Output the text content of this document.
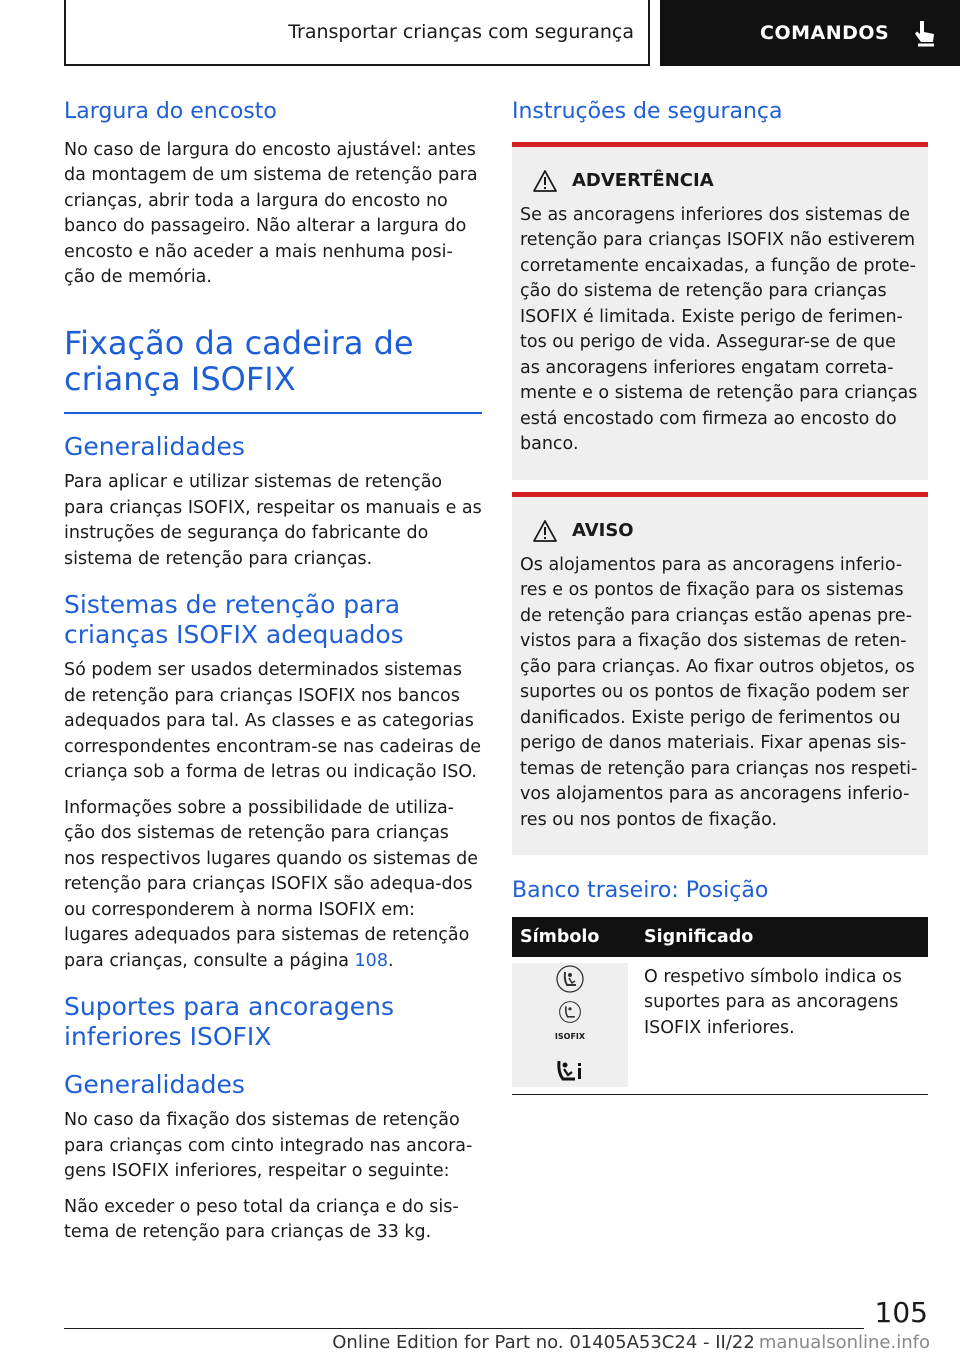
Transportar crianças com segurança	COMANDOS
Largura do encosto

No caso de largura do encosto ajustável: antes da montagem de um sistema de retenção para crianças, abrir toda a largura do encosto no banco do passageiro. Não alterar a largura do encosto e não aceder a mais nenhuma posi-ção de memória.

Fixação da cadeira de criança ISOFIX
Generalidades

Para aplicar e utilizar sistemas de retenção para crianças ISOFIX, respeitar os manuais e as instruções de segurança do fabricante do sistema de retenção para crianças.

Sistemas de retenção para crianças ISOFIX adequados

Só podem ser usados determinados sistemas de retenção para crianças ISOFIX nos bancos adequados para tal. As classes e as categorias correspondentes encontram-se nas cadeiras de criança sob a forma de letras ou indicação ISO.

Informações sobre a possibilidade de utiliza-ção dos sistemas de retenção para crianças nos respectivos lugares quando os sistemas de retenção para crianças ISOFIX são adequa-dos ou corresponderem à norma ISOFIX em: lugares adequados para sistemas de retenção para crianças, consulte a página 108.

Suportes para ancoragens inferiores ISOFIX
Generalidades

No caso da fixação dos sistemas de retenção para crianças com cinto integrado nas ancora-gens ISOFIX inferiores, respeitar o seguinte:

Não exceder o peso total da criança e do sis-tema de retenção para crianças de 33 kg.

Instruções de segurança
ADVERTÊNCIA

Se as ancoragens inferiores dos sistemas de retenção para crianças ISOFIX não estiverem corretamente encaixadas, a função de prote-ção do sistema de retenção para crianças ISOFIX é limitada. Existe perigo de ferimen-tos ou perigo de vida. Assegurar-se de que as ancoragens inferiores engatam correta-mente e o sistema de retenção para crianças está encostado com firmeza ao encosto do banco.

AVISO

Os alojamentos para as ancoragens inferio-res e os pontos de fixação para os sistemas de retenção para crianças estão apenas pre-vistos para a fixação dos sistemas de reten-ção para crianças. Ao fixar outros objetos, os suportes ou os pontos de fixação podem ser danificados. Existe perigo de ferimentos ou perigo de danos materiais. Fixar apenas sis-temas de retenção para crianças nos respeti-vos alojamentos para as ancoragens inferio-res ou nos pontos de fixação.

Banco traseiro: Posição
Símbolo	Significado

ISOFIX	O respetivo símbolo indica os suportes para as ancoragens ISOFIX inferiores.
105
Online Edition for Part no. 01405A53C24 - II/22 manualsonline.info
